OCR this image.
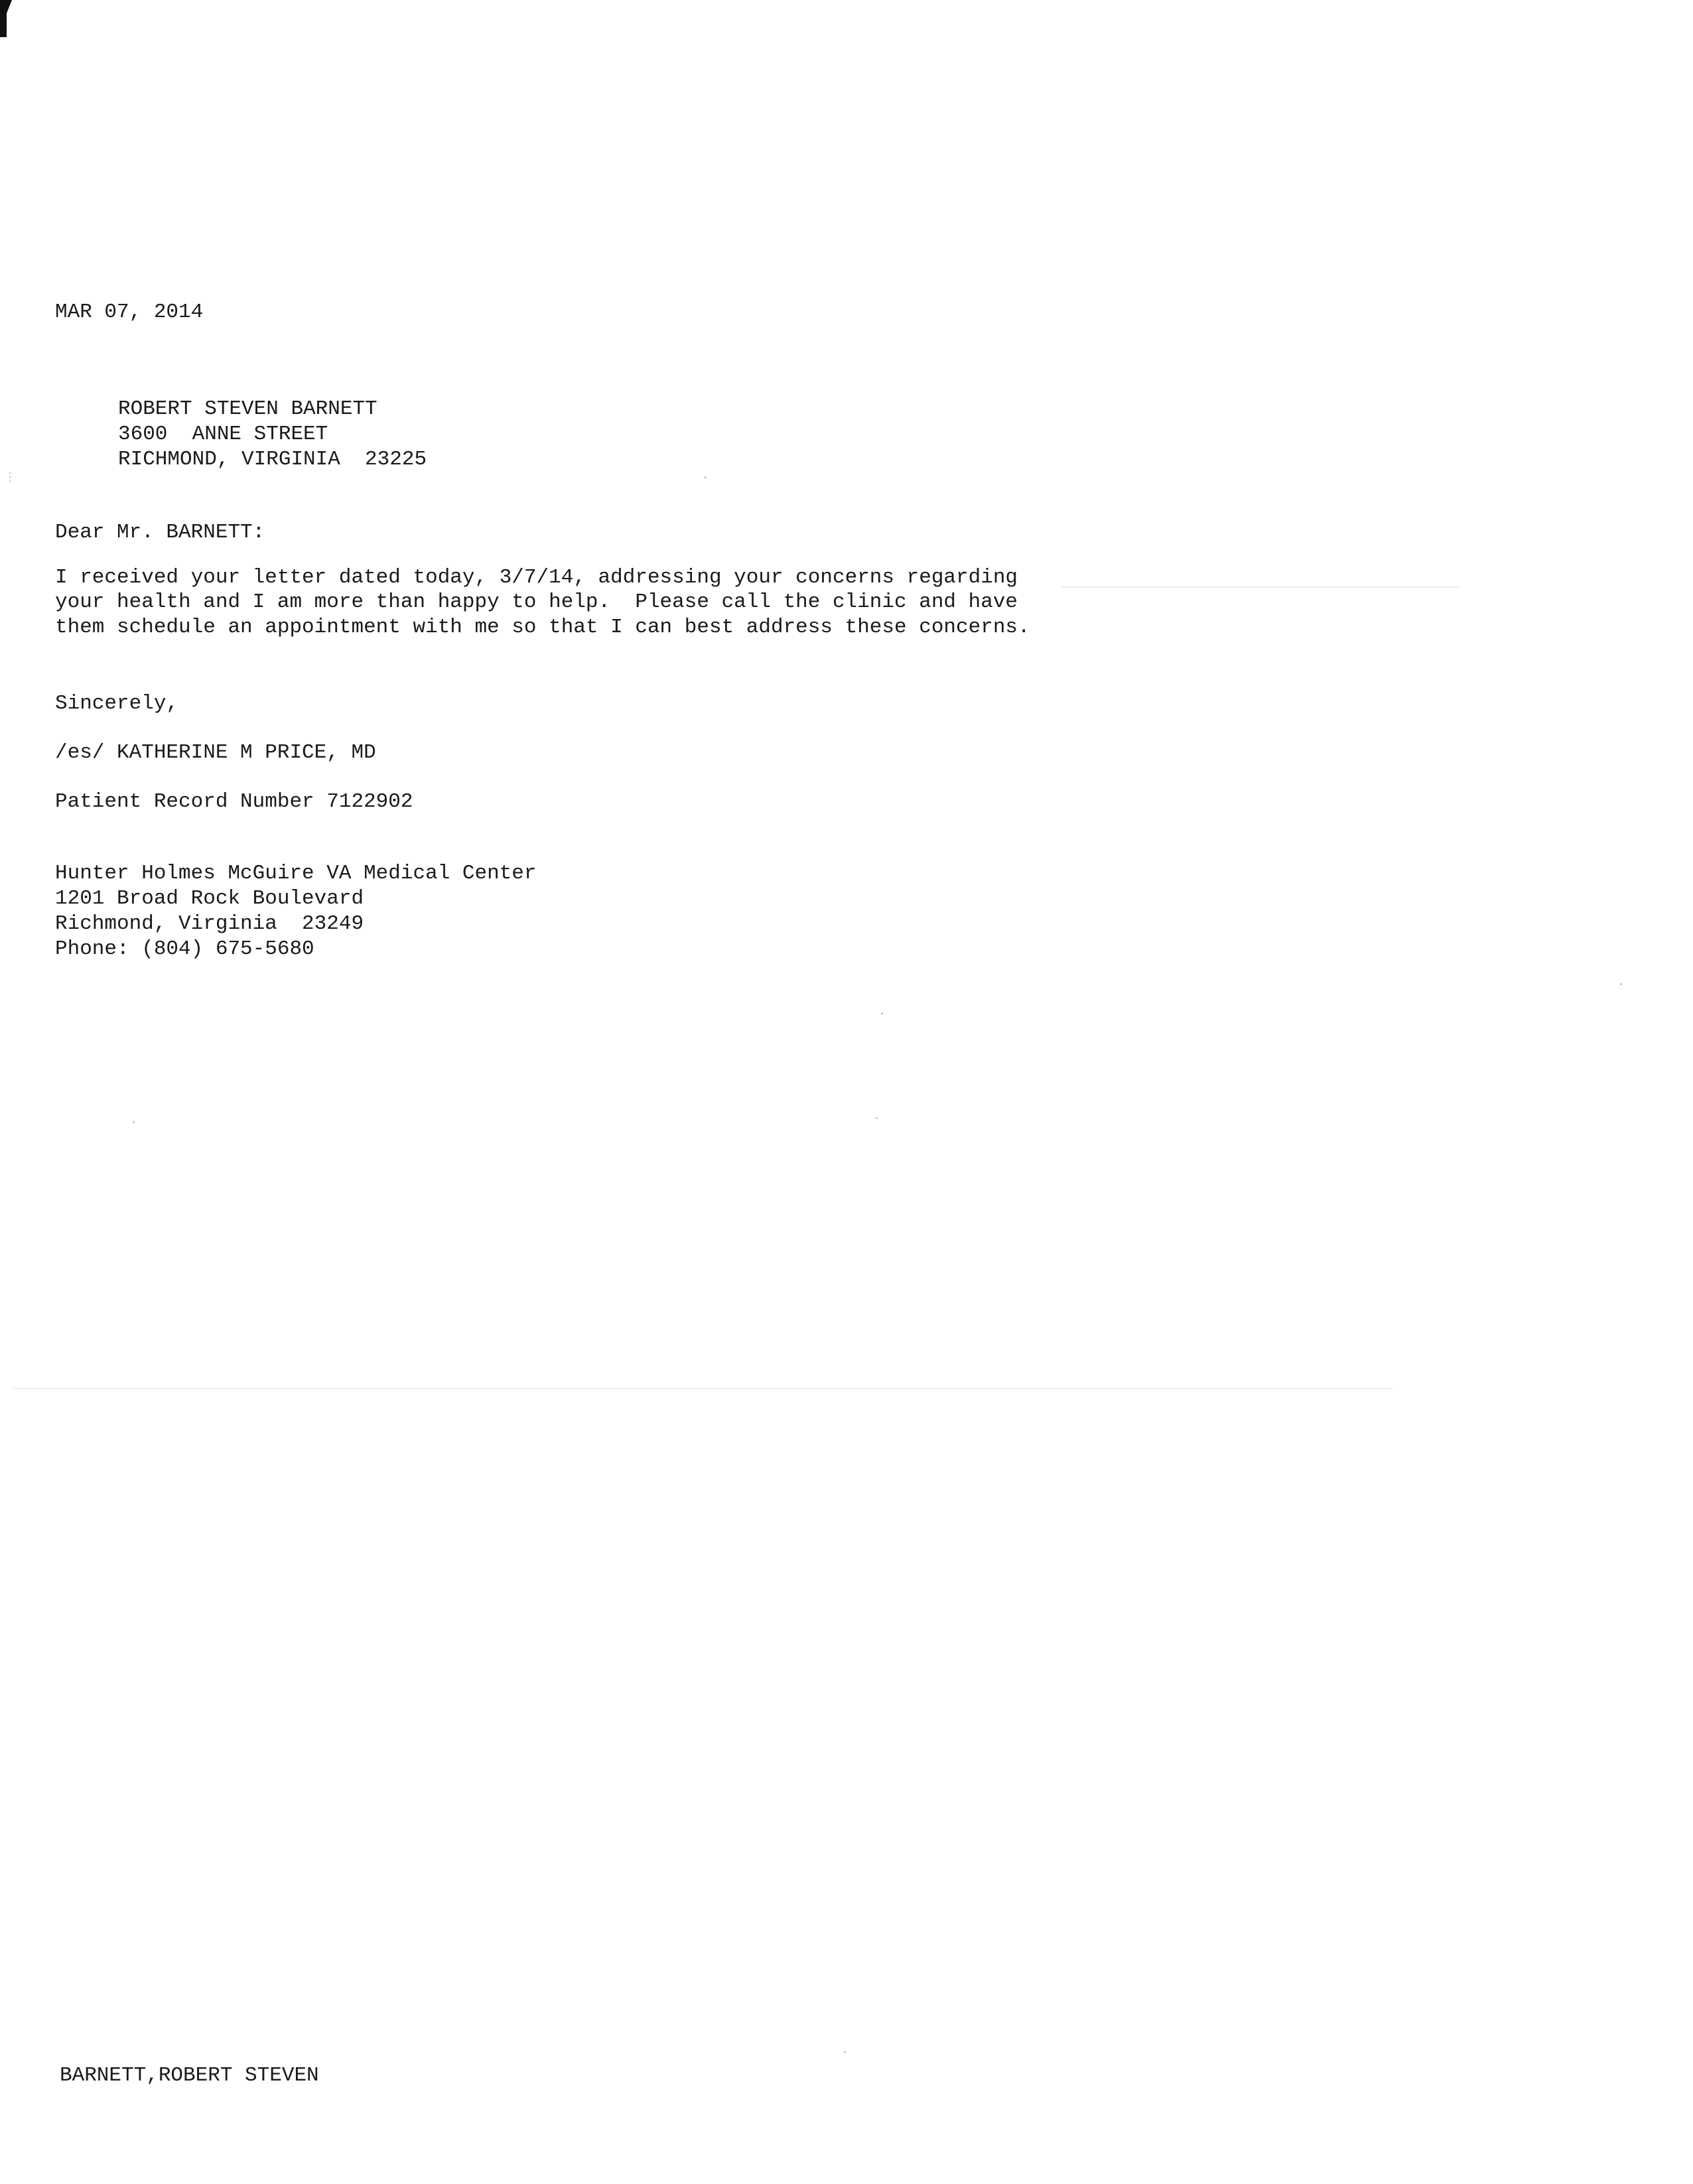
⋮

MAR 07, 2014

ROBERT STEVEN BARNETT

3600  ANNE STREET

RICHMOND, VIRGINIA  23225

Dear Mr. BARNETT:

I received your letter dated today, 3/7/14, addressing your concerns regarding

your health and I am more than happy to help.  Please call the clinic and have

them schedule an appointment with me so that I can best address these concerns.

Sincerely,

/es/ KATHERINE M PRICE, MD

Patient Record Number 7122902

Hunter Holmes McGuire VA Medical Center

1201 Broad Rock Boulevard

Richmond, Virginia  23249

Phone: (804) 675-5680

BARNETT,ROBERT STEVEN
